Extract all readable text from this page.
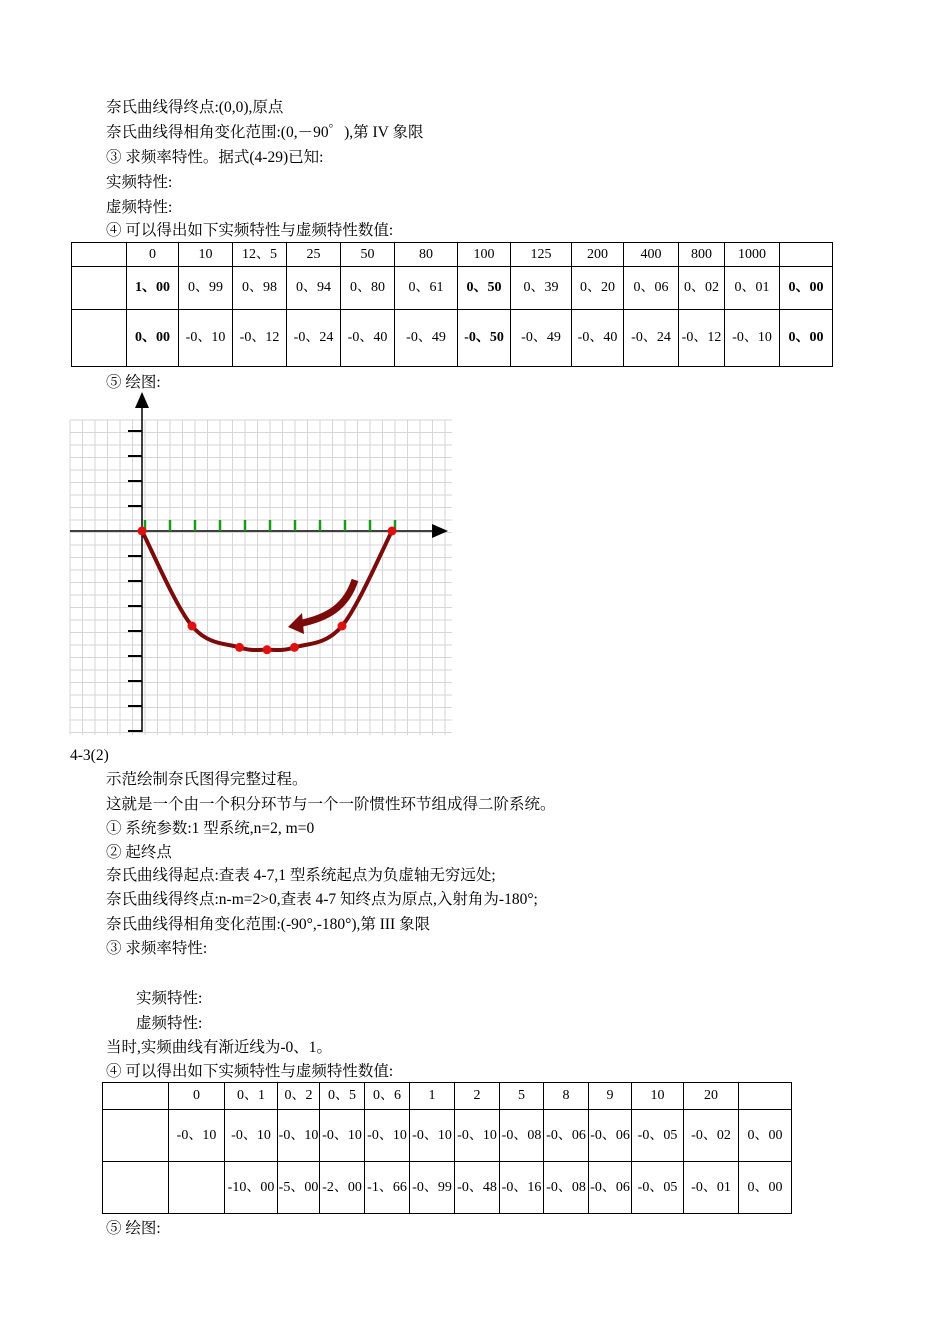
奈氏曲线得终点:(0,0),原点
奈氏曲线得相角变化范围:(0,－90゜),第 IV 象限
③ 求频率特性。据式(4-29)已知:
实频特性:
虚频特性:
④ 可以得出如下实频特性与虚频特性数值:
	0	10	12、5	25	50	80	100	125	200	400	800	1000	
	1、00	0、99	0、98	0、94	0、80	0、61	0、50	0、39	0、20	0、06	0、02	0、01	0、00
	0、00	-0、10	-0、12	-0、24	-0、40	-0、49	-0、50	-0、49	-0、40	-0、24	-0、12	-0、10	0、00
⑤ 绘图:
4-3(2)
示范绘制奈氏图得完整过程。
这就是一个由一个积分环节与一个一阶惯性环节组成得二阶系统。
① 系统参数:1 型系统,n=2, m=0
② 起终点
奈氏曲线得起点:查表 4-7,1 型系统起点为负虚轴无穷远处;
奈氏曲线得终点:n-m=2>0,查表 4-7 知终点为原点,入射角为-180°;
奈氏曲线得相角变化范围:(-90°,-180°),第 III 象限
③ 求频率特性:
实频特性:
虚频特性:
当时,实频曲线有渐近线为-0、1。
④ 可以得出如下实频特性与虚频特性数值:
	0	0、1	0、2	0、5	0、6	1	2	5	8	9	10	20	
	-0、10	-0、10	-0、10	-0、10	-0、10	-0、10	-0、10	-0、08	-0、06	-0、06	-0、05	-0、02	0、00
		-10、00	-5、00	-2、00	-1、66	-0、99	-0、48	-0、16	-0、08	-0、06	-0、05	-0、01	0、00
⑤ 绘图:
